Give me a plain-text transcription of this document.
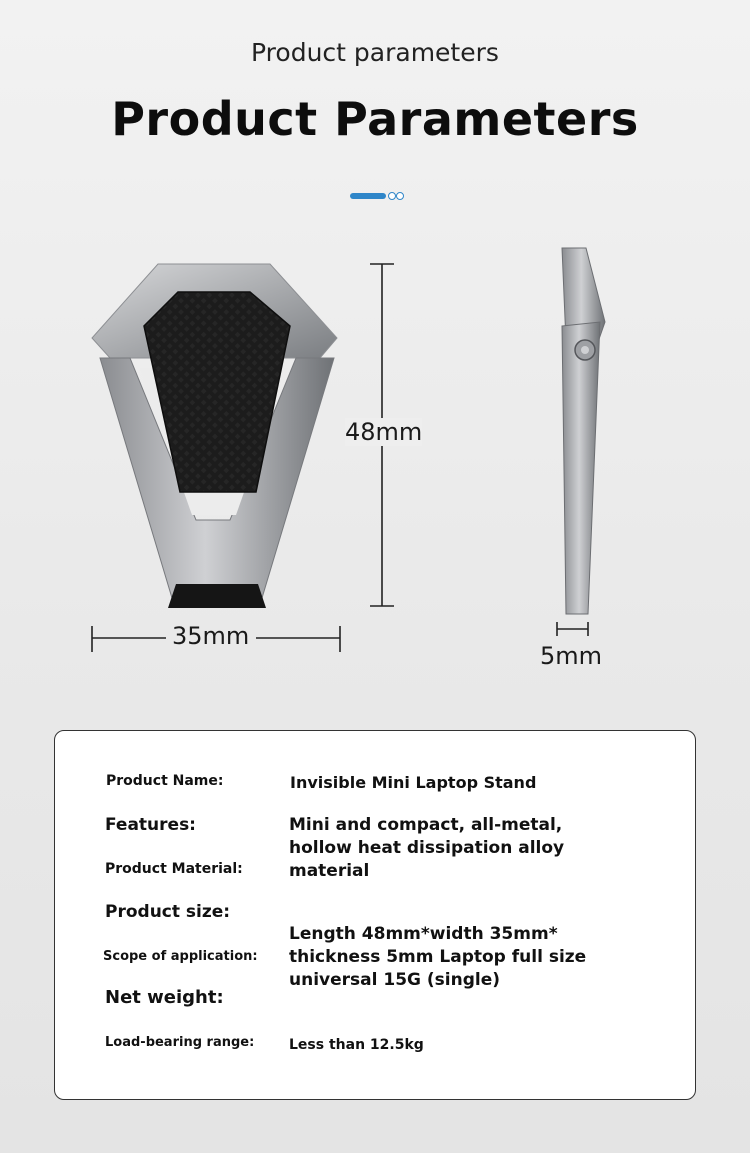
Product parameters
Product Parameters
48mm
35mm
5mm
Product Name:
Features:
Product Material:
Product size:
Scope of application:
Net weight:
Load-bearing range:
Invisible Mini Laptop Stand
Mini and compact, all-metal,
hollow heat dissipation alloy
material
Length 48mm*width 35mm*
thickness 5mm Laptop full size
universal 15G (single)
Less than 12.5kg
